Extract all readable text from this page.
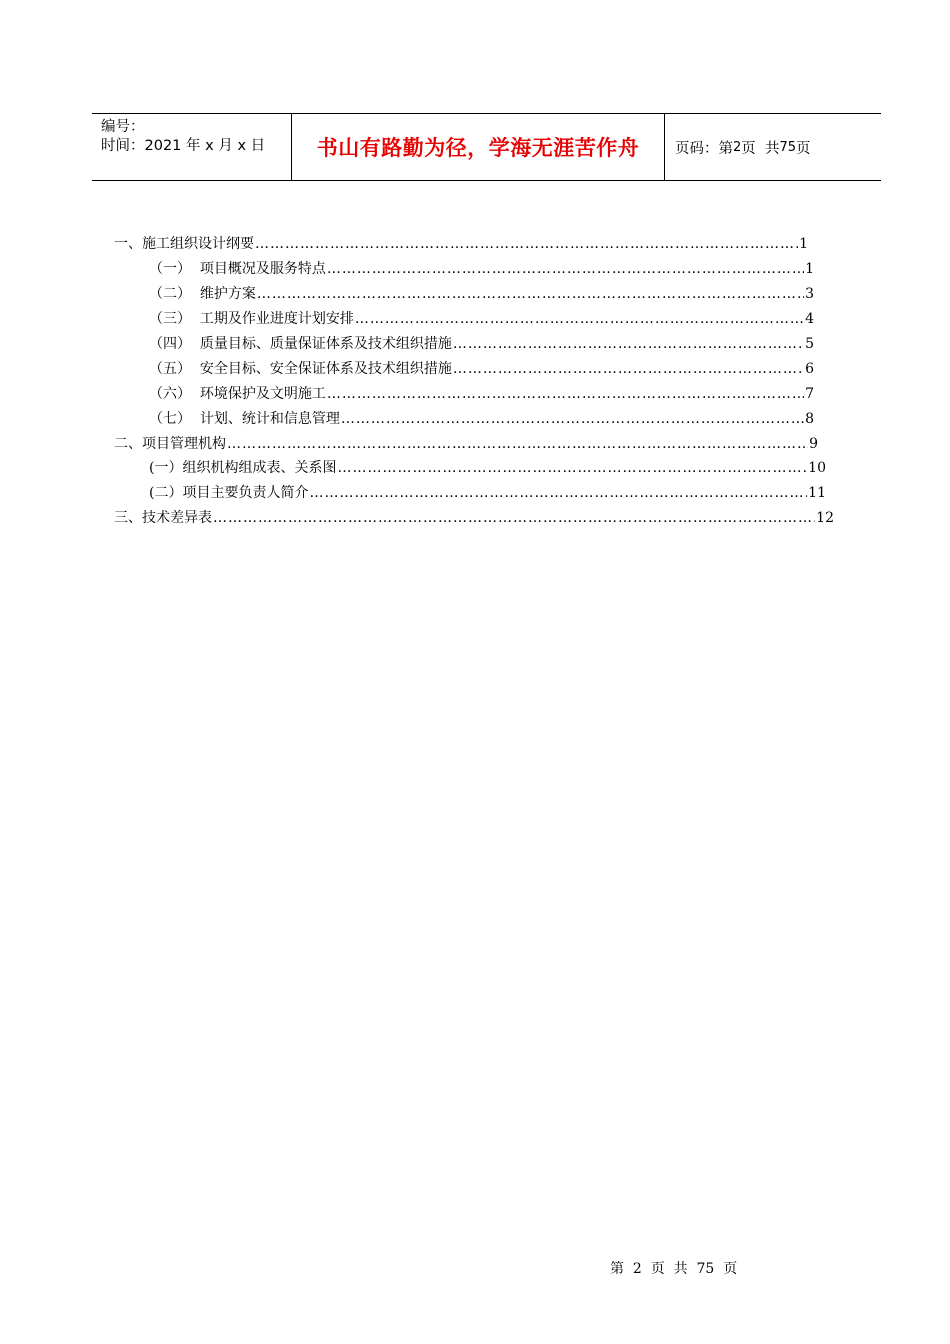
编号：
时间：2021 年 x 月 x 日	书山有路勤为径，学海无涯苦作舟 页码：第 2 页  共 75 页
一、施工组织设计纲要 ……………………………………………………………………………………………………………………………………………………………………………………………………	1
（一）  项目概况及服务特点 ……………………………………………………………………………………………………………………………………………………………………………………………………	1
（二）  维护方案 ……………………………………………………………………………………………………………………………………………………………………………………………………	3
（三）  工期及作业进度计划安排 ……………………………………………………………………………………………………………………………………………………………………………………………………	4
（四）  质量目标、质量保证体系及技术组织措施 ……………………………………………………………………………………………………………………………………………………………………………………………………	5
（五）  安全目标、安全保证体系及技术组织措施 ……………………………………………………………………………………………………………………………………………………………………………………………………	6
（六）  环境保护及文明施工 ……………………………………………………………………………………………………………………………………………………………………………………………………	7
（七）  计划、统计和信息管理 ……………………………………………………………………………………………………………………………………………………………………………………………………	8
二、项目管理机构 ……………………………………………………………………………………………………………………………………………………………………………………………………	9
(一）组织机构组成表、关系图 ……………………………………………………………………………………………………………………………………………………………………………………………………	10
(二）项目主要负责人简介 ……………………………………………………………………………………………………………………………………………………………………………………………………	11
三、技术差异表 ……………………………………………………………………………………………………………………………………………………………………………………………………	12
第  2  页  共  75  页
